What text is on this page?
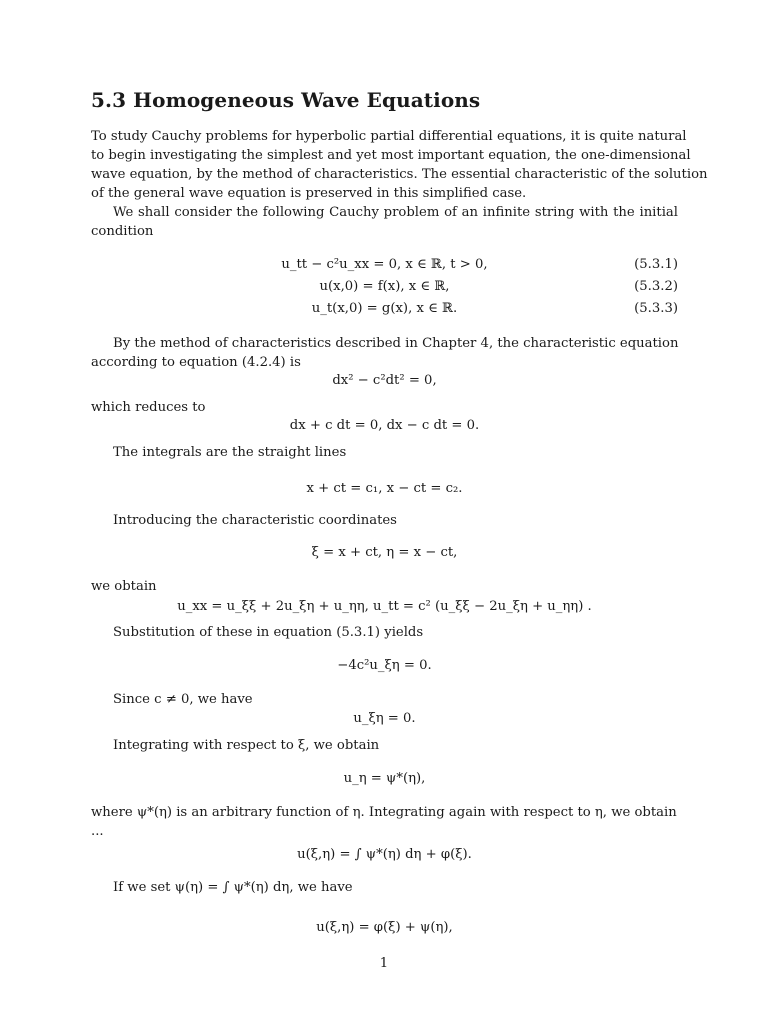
5.3 Homogeneous Wave Equations
To study Cauchy problems for hyperbolic partial differential equations, it is quite natural
to begin investigating the simplest and yet most important equation, the one-dimensional
wave equation, by the method of characteristics. The essential characteristic of the solution
of the general wave equation is preserved in this simplified case.
We shall consider the following Cauchy problem of an infinite string with the initial
condition
u_tt − c²u_xx = 0, x ∈ ℝ, t > 0,	(5.3.1)
u(x,0) = f(x), x ∈ ℝ,	(5.3.2)
u_t(x,0) = g(x), x ∈ ℝ.	(5.3.3)
By the method of characteristics described in Chapter 4, the characteristic equation
according to equation (4.2.4) is
dx² − c²dt² = 0,
which reduces to
dx + c dt = 0, dx − c dt = 0.
The integrals are the straight lines
x + ct = c₁, x − ct = c₂.
Introducing the characteristic coordinates
ξ = x + ct, η = x − ct,
we obtain
u_xx = u_ξξ + 2u_ξη + u_ηη, u_tt = c² (u_ξξ − 2u_ξη + u_ηη) .
Substitution of these in equation (5.3.1) yields
−4c²u_ξη = 0.
Since c ≠ 0, we have
u_ξη = 0.
Integrating with respect to ξ, we obtain
u_η = ψ*(η),
where ψ*(η) is an arbitrary function of η. Integrating again with respect to η, we obtain ...
u(ξ,η) = ∫ ψ*(η) dη + φ(ξ).
If we set ψ(η) = ∫ ψ*(η) dη, we have
u(ξ,η) = φ(ξ) + ψ(η),
1
